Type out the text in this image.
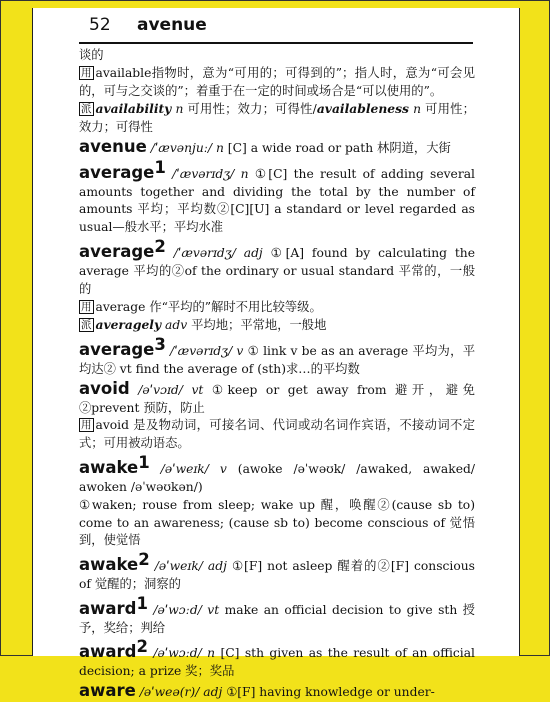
52 avenue

谈的

用 available指物时，意为“可用的；可得到的”；指人时，意为“可会见的，可与之交谈的”；着重于在一定的时间或场合是“可以使用的”。

派 availability n 可用性；效力；可得性/availableness n 可用性；效力；可得性

avenue /ˈævənjuː/ n [C] a wide road or path 林阴道，大街

average$^1$ /ˈævərɪdʒ/ n ①[C] the result of adding several amounts together and dividing the total by the number of amounts 平均；平均数②[C][U] a standard or level regarded as usual—般水平；平均水准

average$^2$ /ˈævərɪdʒ/ adj ①[A] found by calculating the average 平均的②of the ordinary or usual standard 平常的，一般的

用 average 作“平均的”解时不用比较等级。

派 averagely adv 平均地；平常地，一般地

average$^3$ /ˈævərɪdʒ/ v ① link v be as an average 平均为，平均达② vt find the average of (sth)求…的平均数

avoid /əˈvɔɪd/ vt ①keep or get away from 避开，避免②prevent 预防，防止

用 avoid 是及物动词，可接名词、代词或动名词作宾语，不接动词不定式；可用被动语态。

awake$^1$ /əˈweɪk/ v (awoke /əˈwəʊk/ /awaked, awaked/ awoken /əˈwəʊkən/)

①waken; rouse from sleep; wake up 醒，唤醒②(cause sb to) come to an awareness; (cause sb to) become conscious of 觉悟到，使觉悟

awake$^2$ /əˈweɪk/ adj ①[F] not asleep 醒着的②[F] conscious of 觉醒的；洞察的

award$^1$ /əˈwɔːd/ vt make an official decision to give sth 授予，奖给；判给

award$^2$ /əˈwɔːd/ n [C] sth given as the result of an official decision; a prize 奖；奖品

aware /əˈweə(r)/ adj ①[F] having knowledge or under-
